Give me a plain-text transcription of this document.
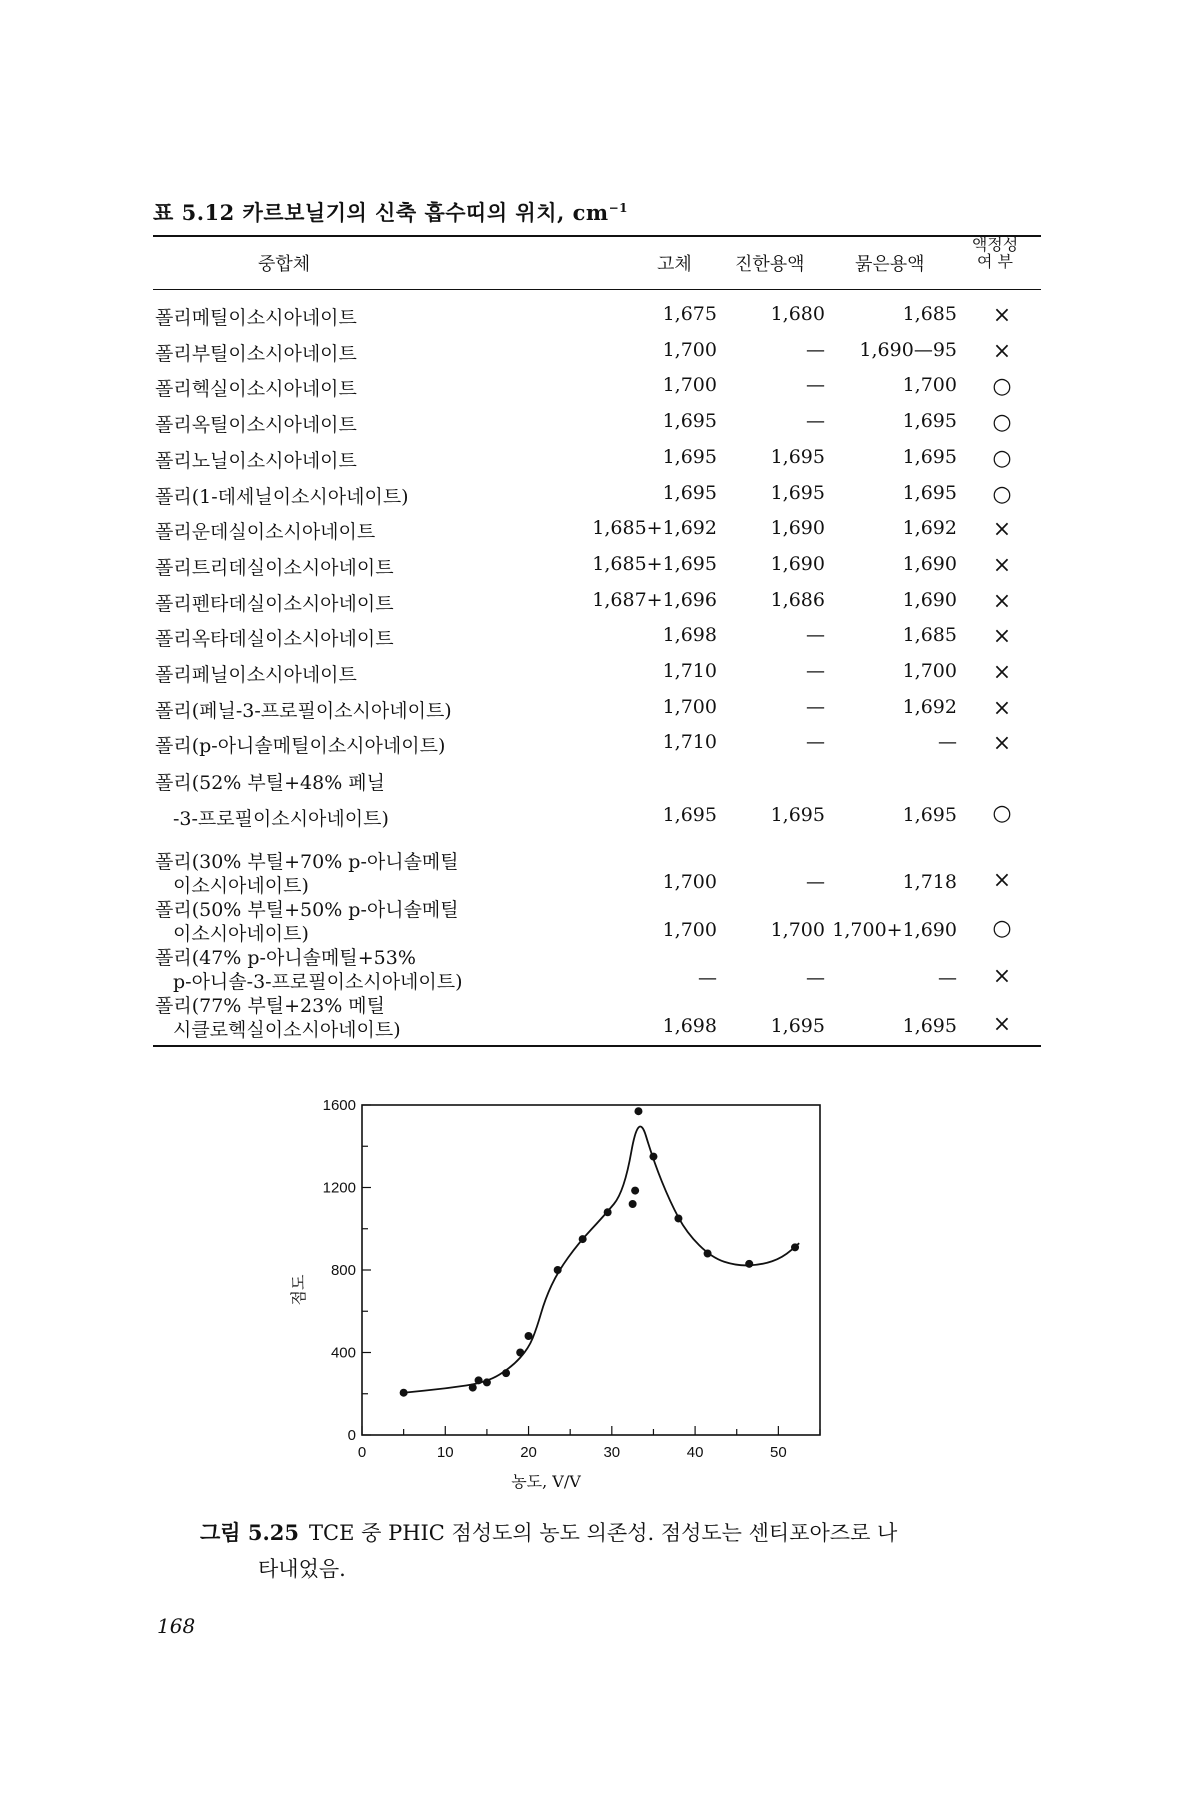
표 5.12 카르보닐기의 신축 흡수띠의 위치, $cm^{-1}$
중합체	고체 진한용액	묽은용액
액정성
여 부
폴리메틸이소시아네이트	1,675	1,680	1,685	×
폴리부틸이소시아네이트	1,700	— 1,690—95	×
폴리헥실이소시아네이트	1,700	—	1,700 ○
폴리옥틸이소시아네이트	1,695	—	1,695 ○
폴리노닐이소시아네이트	1,695	1,695	1,695 ○
폴리(1-데세닐이소시아네이트)	1,695	1,695	1,695 ○
폴리운데실이소시아네이트	1,685+1,692	1,690	1,692	×
폴리트리데실이소시아네이트	1,685+1,695	1,690	1,690	×
폴리펜타데실이소시아네이트	1,687+1,696	1,686	1,690	×
폴리옥타데실이소시아네이트	1,698	—	1,685	×
폴리페닐이소시아네이트	1,710	—	1,700	×
폴리(페닐-3-프로필이소시아네이트)	1,700	—	1,692	×
폴리(p-아니솔메틸이소시아네이트)	1,710	—	—	×
폴리(52% 부틸+48% 페닐
-3-프로필이소시아네이트)	1,695	1,695	1,695 ○
폴리(30% 부틸+70% p-아니솔메틸
이소시아네이트)	1,700	—	1,718	×
폴리(50% 부틸+50% p-아니솔메틸
이소시아네이트)	1,700	1,700 1,700+1,690 ○
폴리(47% p-아니솔메틸+53%
p-아니솔-3-프로필이소시아네이트)	—	—	—	×
폴리(77% 부틸+23% 메틸
시클로헥실이소시아네이트)	1,698	1,695	1,695	×
0	10	20	30	40	50
0
400
800
1200
1600
농도, V/V
점도
그림 5.25 TCE 중 PHIC 점성도의 농도 의존성. 점성도는 센티포아즈로 나
타내었음.
168
